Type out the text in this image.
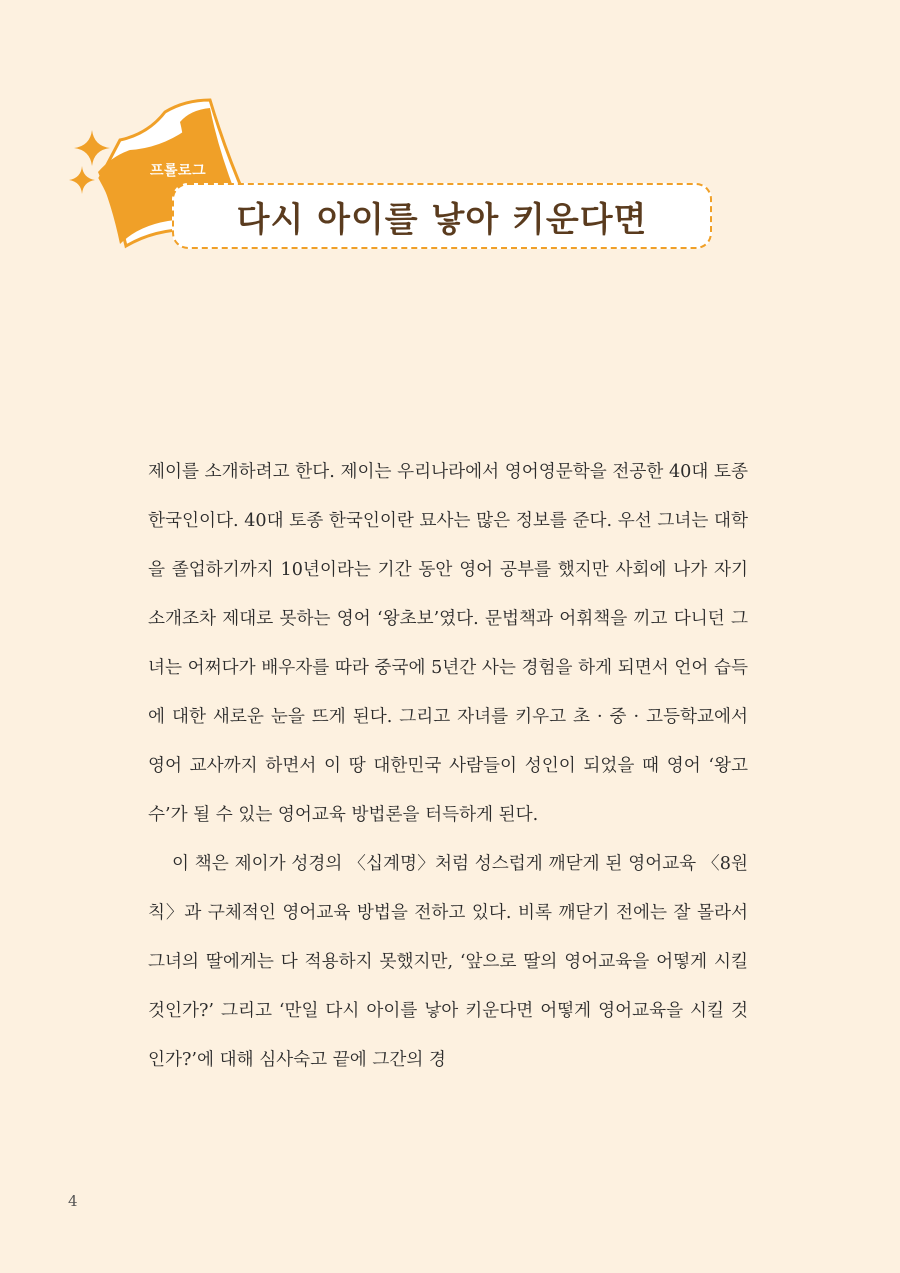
프롤로그
다시 아이를 낳아 키운다면

제이를 소개하려고 한다. 제이는 우리나라에서 영어영문학을 전공한 40대 토종 한국인이다. 40대 토종 한국인이란 묘사는 많은 정보를 준다. 우선 그녀는 대학을 졸업하기까지 10년이라는 기간 동안 영어 공부를 했지만 사회에 나가 자기소개조차 제대로 못하는 영어 ‘왕초보’였다. 문법책과 어휘책을 끼고 다니던 그녀는 어쩌다가 배우자를 따라 중국에 5년간 사는 경험을 하게 되면서 언어 습득에 대한 새로운 눈을 뜨게 된다. 그리고 자녀를 키우고 초 · 중 · 고등학교에서 영어 교사까지 하면서 이 땅 대한민국 사람들이 성인이 되었을 때 영어 ‘왕고수’가 될 수 있는 영어교육 방법론을 터득하게 된다.

이 책은 제이가 성경의 〈십계명〉처럼 성스럽게 깨닫게 된 영어교육 〈8원칙〉과 구체적인 영어교육 방법을 전하고 있다. 비록 깨닫기 전에는 잘 몰라서 그녀의 딸에게는 다 적용하지 못했지만, ‘앞으로 딸의 영어교육을 어떻게 시킬 것인가?’ 그리고 ‘만일 다시 아이를 낳아 키운다면 어떻게 영어교육을 시킬 것인가?’에 대해 심사숙고 끝에 그간의 경

4
